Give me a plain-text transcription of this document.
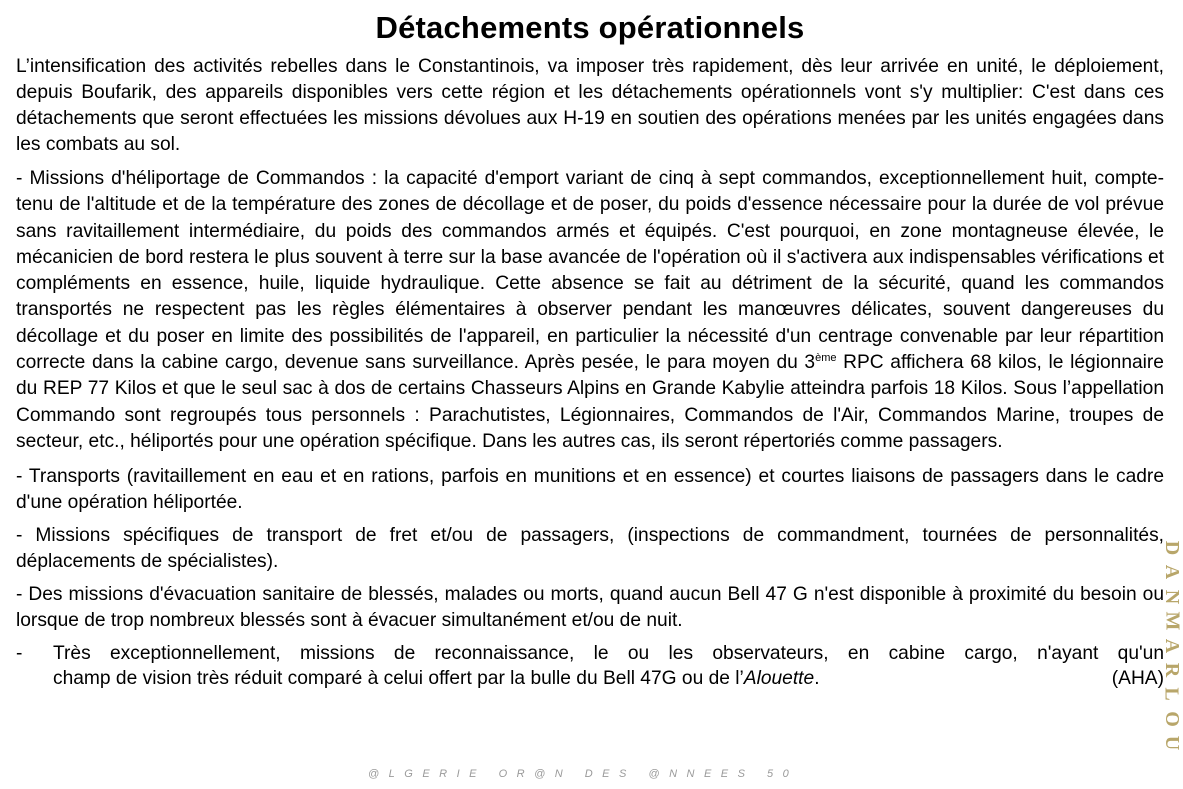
Détachements opérationnels

L’intensification des activités rebelles dans le Constantinois, va imposer très rapidement, dès leur arrivée en unité, le déploiement, depuis Boufarik, des appareils disponibles vers cette région et les détachements opérationnels vont s'y multiplier: C'est dans ces détachements que seront effectuées les missions dévolues aux H-19 en soutien des opérations menées par les unités engagées dans les combats au sol.

- Missions d'héliportage de Commandos : la capacité d'emport variant de cinq à sept commandos, exceptionnellement huit, compte-tenu de l'altitude et de la température des zones de décollage et de poser, du poids d'essence nécessaire pour la durée de vol prévue sans ravitaillement intermédiaire, du poids des commandos armés et équipés. C'est pourquoi, en zone montagneuse élevée, le mécanicien de bord restera le plus souvent à terre sur la base avancée de l'opération où il s'activera aux indispensables vérifications et compléments en essence, huile, liquide hydraulique. Cette absence se fait au détriment de la sécurité, quand les commandos transportés ne respectent pas les règles élémentaires à observer pendant les manœuvres délicates, souvent dangereuses du décollage et du poser en limite des possibilités de l'appareil, en particulier la nécessité d'un centrage convenable par leur répartition correcte dans la cabine cargo, devenue sans surveillance. Après pesée, le para moyen du 3ème RPC affichera 68 kilos, le légionnaire du REP 77 Kilos et que le seul sac à dos de certains Chasseurs Alpins en Grande Kabylie atteindra parfois 18 Kilos. Sous l’appellation Commando sont regroupés tous personnels : Parachutistes, Légionnaires, Commandos de l'Air, Commandos Marine, troupes de secteur, etc., héliportés pour une opération spécifique. Dans les autres cas, ils seront répertoriés comme passagers.

- Transports (ravitaillement en eau et en rations, parfois en munitions et en essence) et courtes liaisons de passagers dans le cadre d'une opération héliportée.

- Missions spécifiques de transport de fret et/ou de passagers, (inspections de commandment, tournées de personnalités, déplacements de spécialistes).

- Des missions d'évacuation sanitaire de blessés, malades ou morts, quand aucun Bell 47 G n'est disponible à proximité du besoin ou lorsque de trop nombreux blessés sont à évacuer simultanément et/ou de nuit.

- Très exceptionnellement, missions de reconnaissance, le ou les observateurs, en cabine cargo, n'ayant qu'un
champ de vision très réduit comparé à celui offert par la bulle du Bell 47G ou de l’Alouette.	(AHA)
D
A
N
M
A
R
L
O
U
@LGERIE OR@N DES @NNEES 50
